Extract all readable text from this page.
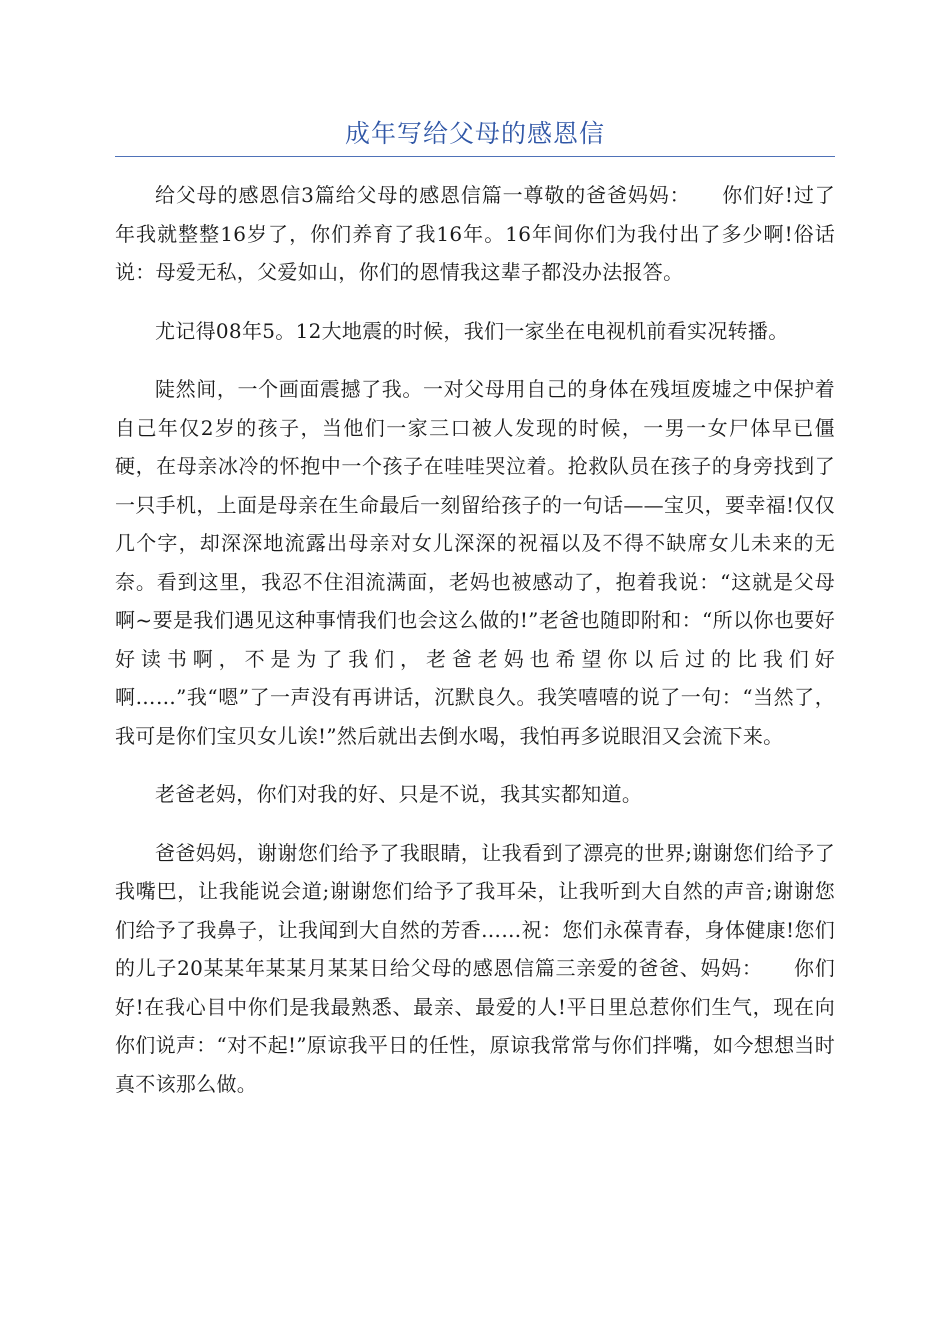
成年写给父母的感恩信

给父母的感恩信3篇给父母的感恩信篇一尊敬的爸爸妈妈：　　你们好!过了年我就整整16岁了，你们养育了我16年。16年间你们为我付出了多少啊!俗话说：母爱无私，父爱如山，你们的恩情我这辈子都没办法报答。

尤记得08年5。12大地震的时候，我们一家坐在电视机前看实况转播。

陡然间，一个画面震撼了我。一对父母用自己的身体在残垣废墟之中保护着自己年仅2岁的孩子，当他们一家三口被人发现的时候，一男一女尸体早已僵硬，在母亲冰冷的怀抱中一个孩子在哇哇哭泣着。抢救队员在孩子的身旁找到了一只手机，上面是母亲在生命最后一刻留给孩子的一句话——宝贝，要幸福!仅仅几个字，却深深地流露出母亲对女儿深深的祝福以及不得不缺席女儿未来的无奈。看到这里，我忍不住泪流满面，老妈也被感动了，抱着我说：“这就是父母啊~要是我们遇见这种事情我们也会这么做的!”老爸也随即附和：“所以你也要好好读书啊，不是为了我们，老爸老妈也希望你以后过的比我们好啊……”我“嗯”了一声没有再讲话，沉默良久。我笑嘻嘻的说了一句：“当然了，我可是你们宝贝女儿诶!”然后就出去倒水喝，我怕再多说眼泪又会流下来。

老爸老妈，你们对我的好、只是不说，我其实都知道。

爸爸妈妈，谢谢您们给予了我眼睛，让我看到了漂亮的世界;谢谢您们给予了我嘴巴，让我能说会道;谢谢您们给予了我耳朵，让我听到大自然的声音;谢谢您们给予了我鼻子，让我闻到大自然的芳香……祝：您们永葆青春，身体健康!您们的儿子20某某年某某月某某日给父母的感恩信篇三亲爱的爸爸、妈妈：　　你们好!在我心目中你们是我最熟悉、最亲、最爱的人!平日里总惹你们生气，现在向你们说声：“对不起!”原谅我平日的任性，原谅我常常与你们拌嘴，如今想想当时真不该那么做。
